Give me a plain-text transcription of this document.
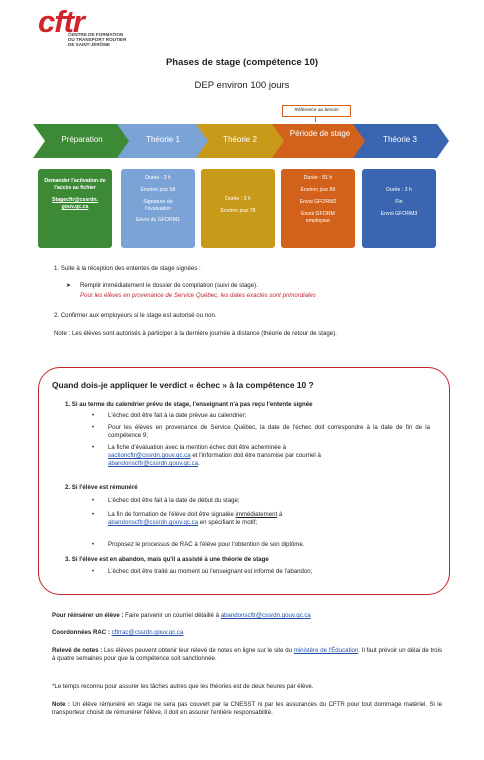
cftr
CENTRE DE FORMATION
DU TRANSPORT ROUTIER
DE SAINT-JÉRÔME
Phases de stage (compétence 10)
DEP environ 100 jours
Référence au besoin
Préparation	Théorie 1	Théorie 2
Période de stage
Théorie 3
Demander l'activation de l'accès au fichier
Stagecftr@cssrdn.
gouv.qc.ca
Durée : 3 h
Environ jour 58
Signature de l'évaluation
Envoi du GFORM1
Durée : 3 h
Environ jour 78
Durée : 81 h
Environ jour 89
Envoi GFORM2
Envoi GFORM employeur
Durée : 3 h
Fin
Envoi GFORM3
1. Suite à la réception des ententes de stage signées :
➤ Remplir immédiatement le dossier de compilation (suivi de stage).
Pour les élèves en provenance de Service Québec, les dates exactes sont primordiales
2. Confirmer aux employeurs si le stage est autorisé ou non.
Note : Les élèves sont autorisés à participer à la dernière journée à distance (théorie de retour de stage).
Quand dois-je appliquer le verdict « échec » à la compétence 10 ?
1. Si au terme du calendrier prévu de stage, l'enseignant n'a pas reçu l'entente signée
• L'échec doit être fait à la date prévue au calendrier;
• Pour les élèves en provenance de Service Québec, la date de l'échec doit correspondre à la date de fin de la compétence 9;
• La fiche d'évaluation avec la mention échec doit être acheminée à
sactioncftr@cssrdn.gouv.qc.ca et l'information doit être transmise par courriel à
abandonscftr@cssrdn.gouv.qc.ca.
2. Si l'élève est rémunéré
• L'échec doit être fait à la date de début du stage;
• La fin de formation de l'élève doit être signalée immédiatement à
abandonscftr@cssrdn.gouv.qc.ca en spécifiant le motif;
• Proposez le processus de RAC à l'élève pour l'obtention de son diplôme.
3. Si l'élève est en abandon, mais qu'il a assisté à une théorie de stage
• L'échec doit être traité au moment où l'enseignant est informé de l'abandon;
Pour réinsérer un élève : Faire parvenir un courriel détaillé à abandonscftr@cssrdn.gouv.qc.ca
Coordonnées RAC : cftrrac@cssrdn.gouv.qc.ca
Relevé de notes : Les élèves peuvent obtenir leur relevé de notes en ligne sur le site du ministère de l'Éducation. Il faut prévoir un délai de trois à quatre semaines pour que la compétence soit sanctionnée.
*Le temps reconnu pour assurer les tâches autres que les théories est de deux heures par élève.
Note : Un élève rémunéré en stage ne sera pas couvert par la CNESST ni par les assurances du CFTR pour tout dommage matériel. Si le transporteur choisit de rémunérer l'élève, il doit en assurer l'entière responsabilité.
